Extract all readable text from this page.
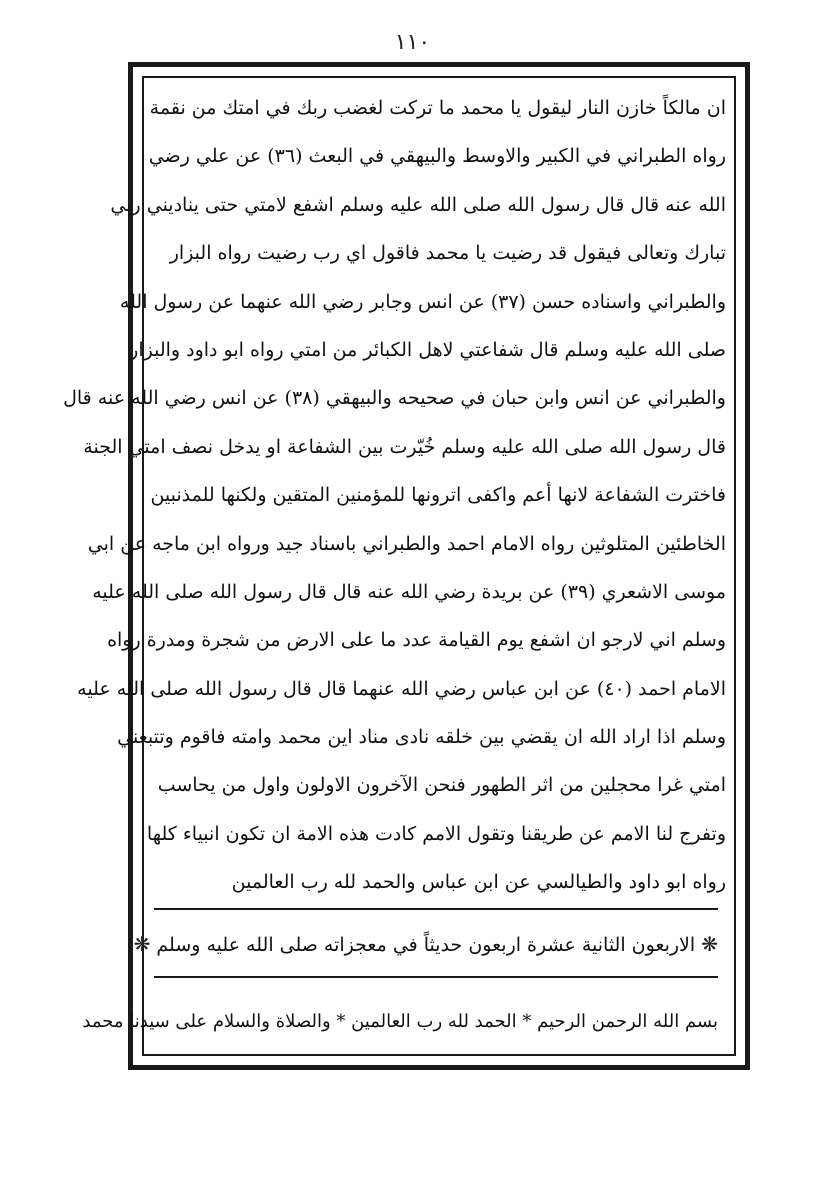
١١٠
ان مالكاً خازن النار ليقول يا محمد ما تركت لغضب ربك في امتك من نقمة
رواه الطبراني في الكبير والاوسط والبيهقي في البعث (٣٦) عن علي رضي
الله عنه قال قال رسول الله صلى الله عليه وسلم اشفع لامتي حتى يناديني ربي
تبارك وتعالى فيقول قد رضيت يا محمد فاقول اي رب رضيت رواه البزار
والطبراني واسناده حسن (٣٧) عن انس وجابر رضي الله عنهما عن رسول الله
صلى الله عليه وسلم قال شفاعتي لاهل الكبائر من امتي رواه ابو داود والبزار
والطبراني عن انس وابن حبان في صحيحه والبيهقي (٣٨) عن انس رضي الله عنه قال
قال رسول الله صلى الله عليه وسلم خُيّرت بين الشفاعة او يدخل نصف امتي الجنة
فاخترت الشفاعة لانها أعم واكفى اترونها للمؤمنين المتقين ولكنها للمذنبين
الخاطئين المتلوثين رواه الامام احمد والطبراني باسناد جيد ورواه ابن ماجه عن ابي
موسى الاشعري (٣٩) عن بريدة رضي الله عنه قال قال رسول الله صلى الله عليه
وسلم اني لارجو ان اشفع يوم القيامة عدد ما على الارض من شجرة ومدرة رواه
الامام احمد (٤٠) عن ابن عباس رضي الله عنهما قال قال رسول الله صلى الله عليه
وسلم اذا اراد الله ان يقضي بين خلقه نادى مناد اين محمد وامته فاقوم وتتبعني
امتي غرا محجلين من اثر الطهور فنحن الآخرون الاولون واول من يحاسب
وتفرج لنا الامم عن طريقنا وتقول الامم كادت هذه الامة ان تكون انبياء كلها
رواه ابو داود والطيالسي عن ابن عباس والحمد لله رب العالمين
❋ الاربعون الثانية عشرة اربعون حديثاً في معجزاته صلى الله عليه وسلم ❋
بسم الله الرحمن الرحيم * الحمد لله رب العالمين * والصلاة والسلام على سيدنا محمد
